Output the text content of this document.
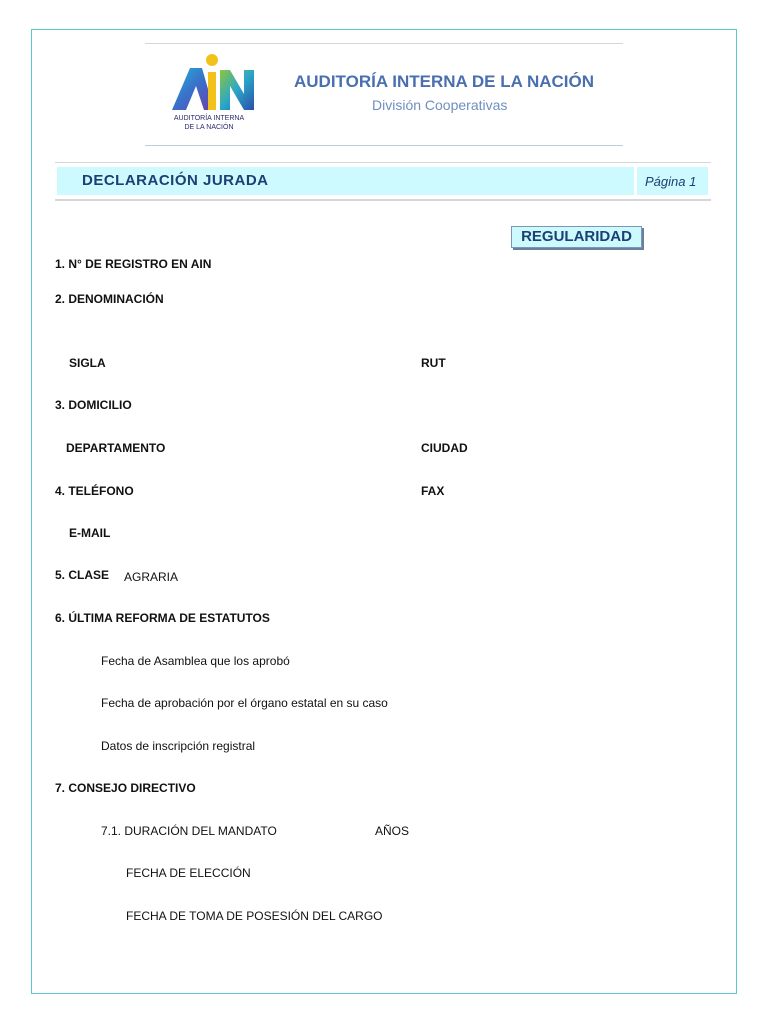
AUDITORÍA INTERNA
DE LA NACIÓN
AUDITORÍA INTERNA DE LA NACIÓN
División Cooperativas
DECLARACIÓN JURADA	Página 1
REGULARIDAD
1. N° DE REGISTRO EN AIN
2. DENOMINACIÓN
SIGLA	RUT
3. DOMICILIO
DEPARTAMENTO	CIUDAD
4. TELÉFONO	FAX
E-MAIL
5. CLASE AGRARIA
6. ÚLTIMA REFORMA DE ESTATUTOS
Fecha de Asamblea que los aprobó
Fecha de aprobación por el órgano estatal en su caso
Datos de inscripción registral
7. CONSEJO DIRECTIVO
7.1. DURACIÓN DEL MANDATO	AÑOS
FECHA DE ELECCIÓN
FECHA DE TOMA DE POSESIÓN DEL CARGO
